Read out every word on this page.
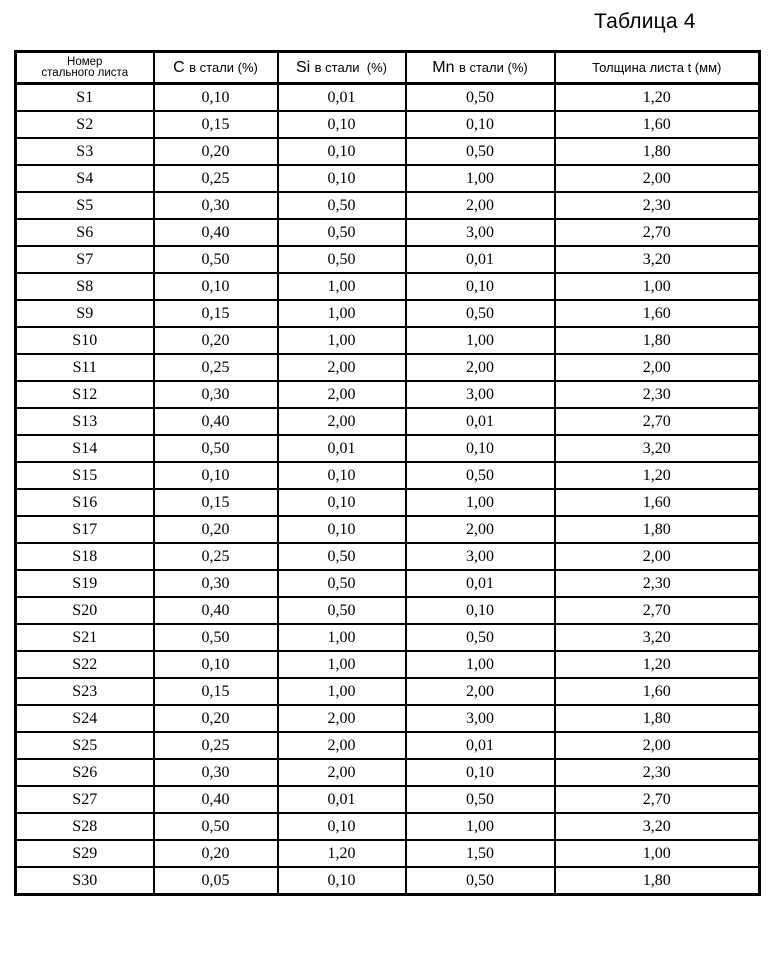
Таблица 4
Номер
стального листа	C в стали (%)	Si в стали  (%)	Mn в стали (%)	Толщина листа t (мм)
S1	0,10	0,01	0,50	1,20
S2	0,15	0,10	0,10	1,60
S3	0,20	0,10	0,50	1,80
S4	0,25	0,10	1,00	2,00
S5	0,30	0,50	2,00	2,30
S6	0,40	0,50	3,00	2,70
S7	0,50	0,50	0,01	3,20
S8	0,10	1,00	0,10	1,00
S9	0,15	1,00	0,50	1,60
S10	0,20	1,00	1,00	1,80
S11	0,25	2,00	2,00	2,00
S12	0,30	2,00	3,00	2,30
S13	0,40	2,00	0,01	2,70
S14	0,50	0,01	0,10	3,20
S15	0,10	0,10	0,50	1,20
S16	0,15	0,10	1,00	1,60
S17	0,20	0,10	2,00	1,80
S18	0,25	0,50	3,00	2,00
S19	0,30	0,50	0,01	2,30
S20	0,40	0,50	0,10	2,70
S21	0,50	1,00	0,50	3,20
S22	0,10	1,00	1,00	1,20
S23	0,15	1,00	2,00	1,60
S24	0,20	2,00	3,00	1,80
S25	0,25	2,00	0,01	2,00
S26	0,30	2,00	0,10	2,30
S27	0,40	0,01	0,50	2,70
S28	0,50	0,10	1,00	3,20
S29	0,20	1,20	1,50	1,00
S30	0,05	0,10	0,50	1,80
